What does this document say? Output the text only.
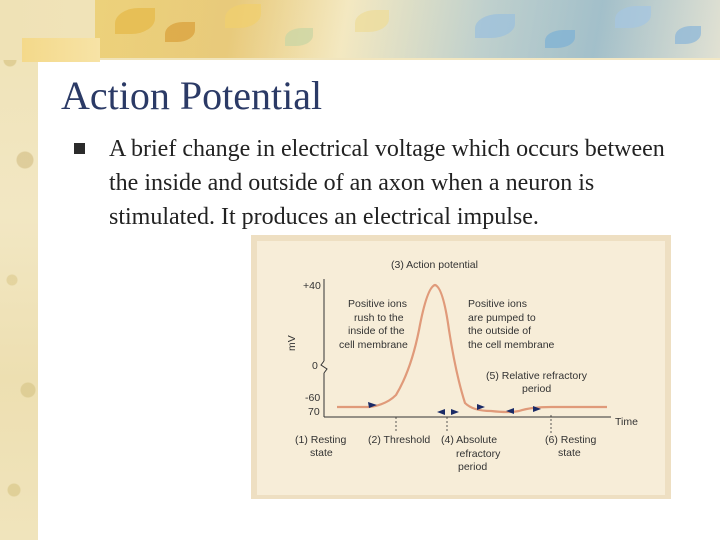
Action Potential

A brief change in electrical voltage which occurs between the inside and outside of an axon when a neuron is stimulated. It produces an electrical impulse.

+40
0
-60
70
mV
Time
(3) Action potential
Positive ions
rush to the
inside of the
cell membrane
Positive ions
are pumped to
the outside of
the cell membrane
(5) Relative refractory
period
(1) Resting
state
(2) Threshold (4) Absolute
refractory
period
(6) Resting
state
